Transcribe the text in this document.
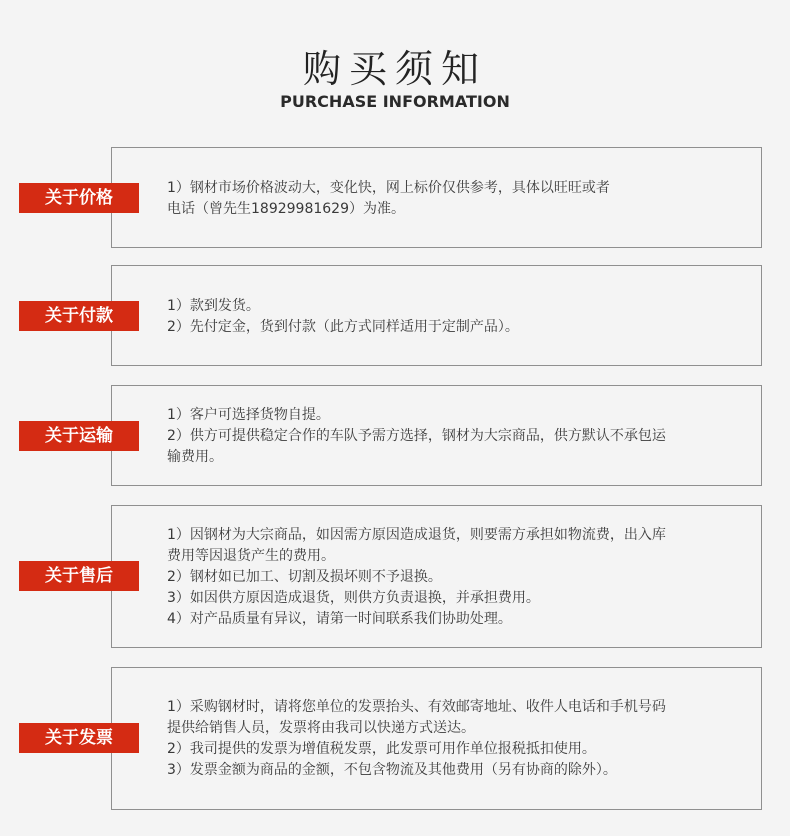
购买须知
PURCHASE INFORMATION
关于价格	1）钢材市场价格波动大，变化快，网上标价仅供参考，具体以旺旺或者
电话（曾先生18929981629）为准。
关于付款	1）款到发货。
2）先付定金，货到付款（此方式同样适用于定制产品）。
关于运输
1）客户可选择货物自提。
2）供方可提供稳定合作的车队予需方选择，钢材为大宗商品，供方默认不承包运
输费用。
关于售后
1）因钢材为大宗商品，如因需方原因造成退货，则要需方承担如物流费，出入库
费用等因退货产生的费用。
2）钢材如已加工、切割及损坏则不予退换。
3）如因供方原因造成退货，则供方负责退换，并承担费用。
4）对产品质量有异议，请第一时间联系我们协助处理。
关于发票
1）采购钢材时，请将您单位的发票抬头、有效邮寄地址、收件人电话和手机号码
提供给销售人员，发票将由我司以快递方式送达。
2）我司提供的发票为增值税发票，此发票可用作单位报税抵扣使用。
3）发票金额为商品的金额，不包含物流及其他费用（另有协商的除外）。
